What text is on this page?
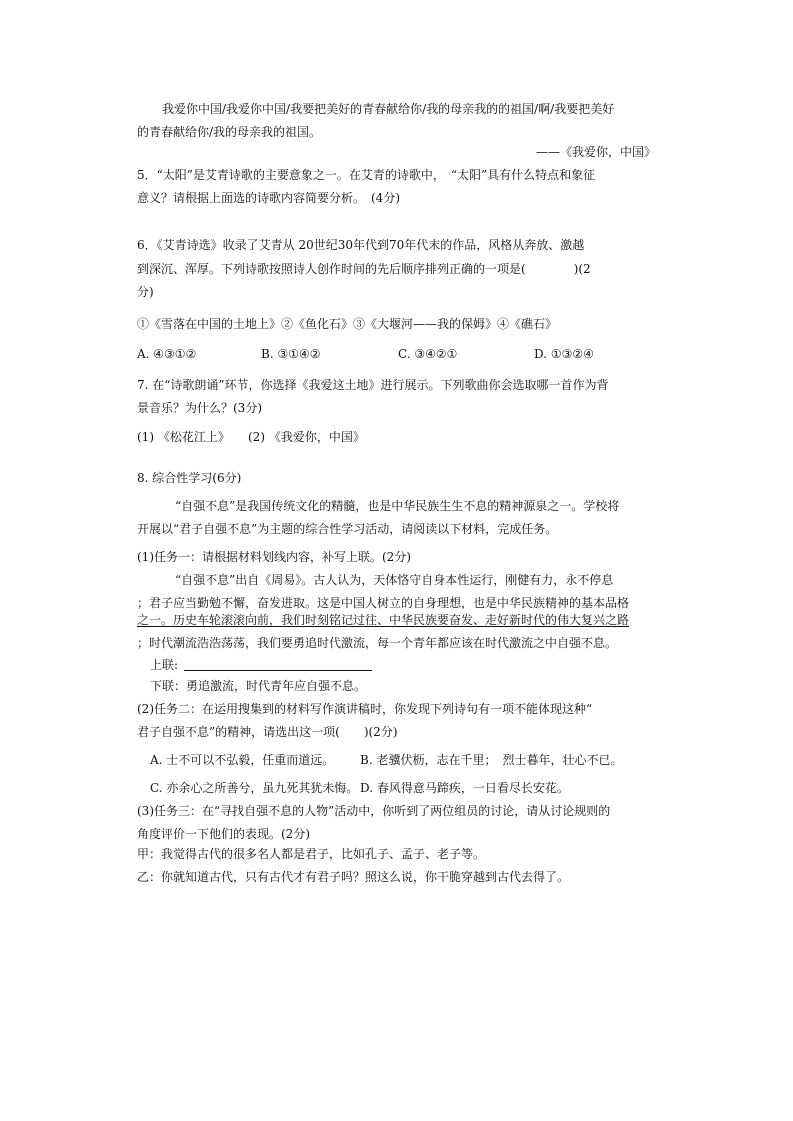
我爱你中国/我爱你中国/我要把美好的青春献给你/我的母亲我的的祖国/啊/我要把美好
的青春献给你/我的母亲我的祖国。
——《我爱你，中国》
5．“太阳”是艾青诗歌的主要意象之一。在艾青的诗歌中，　“太阳”具有什么特点和象征
意义？请根据上面选的诗歌内容简要分析。　(4分)
6．《艾青诗选》收录了艾青从 20世纪30年代到70年代末的作品，风格从奔放、激越
到深沉、浑厚。下列诗歌按照诗人创作时间的先后顺序排列正确的一项是(　　　　)(2
分)
①《雪落在中国的土地上》②《鱼化石》③《大堰河——我的保姆》④《礁石》
A. ④③①②	B. ③①④②	C. ③④②①	D. ①③②④
7. 在“诗歌朗诵”环节，你选择《我爱这土地》进行展示。下列歌曲你会选取哪一首作为背
景音乐？为什么？(3分)
(1) 《松花江上》 (2) 《我爱你，中国》
8. 综合性学习(6分)
“自强不息”是我国传统文化的精髓，也是中华民族生生不息的精神源泉之一。学校将
开展以“君子自强不息”为主题的综合性学习活动，请阅读以下材料，完成任务。
(1)任务一：请根据材料划线内容，补写上联。(2分)
“自强不息”出自《周易》。古人认为，天体恪守自身本性运行，刚健有力，永不停息
；君子应当勤勉不懈，奋发进取。这是中国人树立的自身理想，也是中华民族精神的基本品格
之一。历史车轮滚滚向前，我们时刻铭记过往、中华民族要奋发、走好新时代的伟大复兴之路
；时代潮流浩浩荡荡，我们要勇追时代激流，每一个青年都应该在时代激流之中自强不息。
上联:
下联：勇追激流，时代青年应自强不息。
(2)任务二：在运用搜集到的材料写作演讲稿时，你发现下列诗句有一项不能体现这种“
君子自强不息”的精神，请选出这一项(　　)(2分)
A. 士不可以不弘毅，任重而道远。 B. 老骥伏枥，志在千里；　烈士暮年，壮心不已。
C. 亦余心之所善兮，虽九死其犹未悔。 D. 春风得意马蹄疾，一日看尽长安花。
(3)任务三：在“寻找自强不息的人物”活动中，你听到了两位组员的讨论，请从讨论规则的
角度评价一下他们的表现。(2分)
甲：我觉得古代的很多名人都是君子，比如孔子、孟子、老子等。
乙：你就知道古代，只有古代才有君子吗？照这么说，你干脆穿越到古代去得了。
